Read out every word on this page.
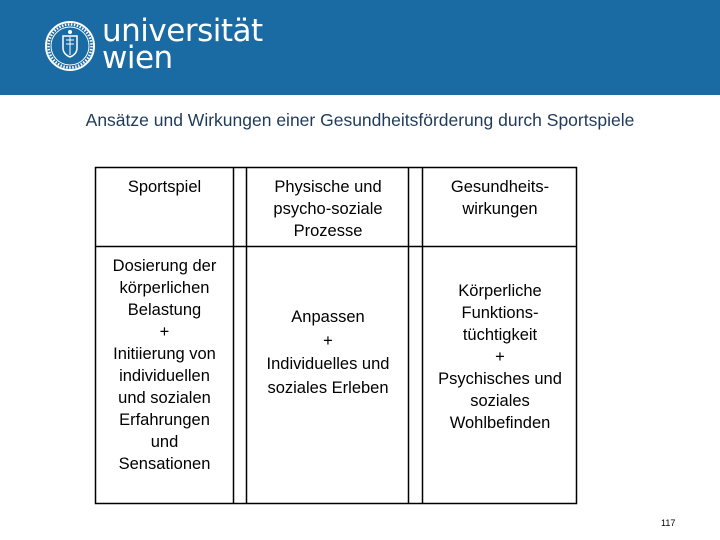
universität
wien
Ansätze und Wirkungen einer Gesundheitsförderung durch Sportspiele
Sportspiel	Physische und psycho-soziale Prozesse
Gesundheits-wirkungen
Dosierung der
körperlichen
Belastung
+
Initiierung von
individuellen
und sozialen
Erfahrungen
und
Sensationen
Anpassen
+
Individuelles und
soziales Erleben
Körperliche
Funktions-
tüchtigkeit
+
Psychisches und
soziales
Wohlbefinden
117
